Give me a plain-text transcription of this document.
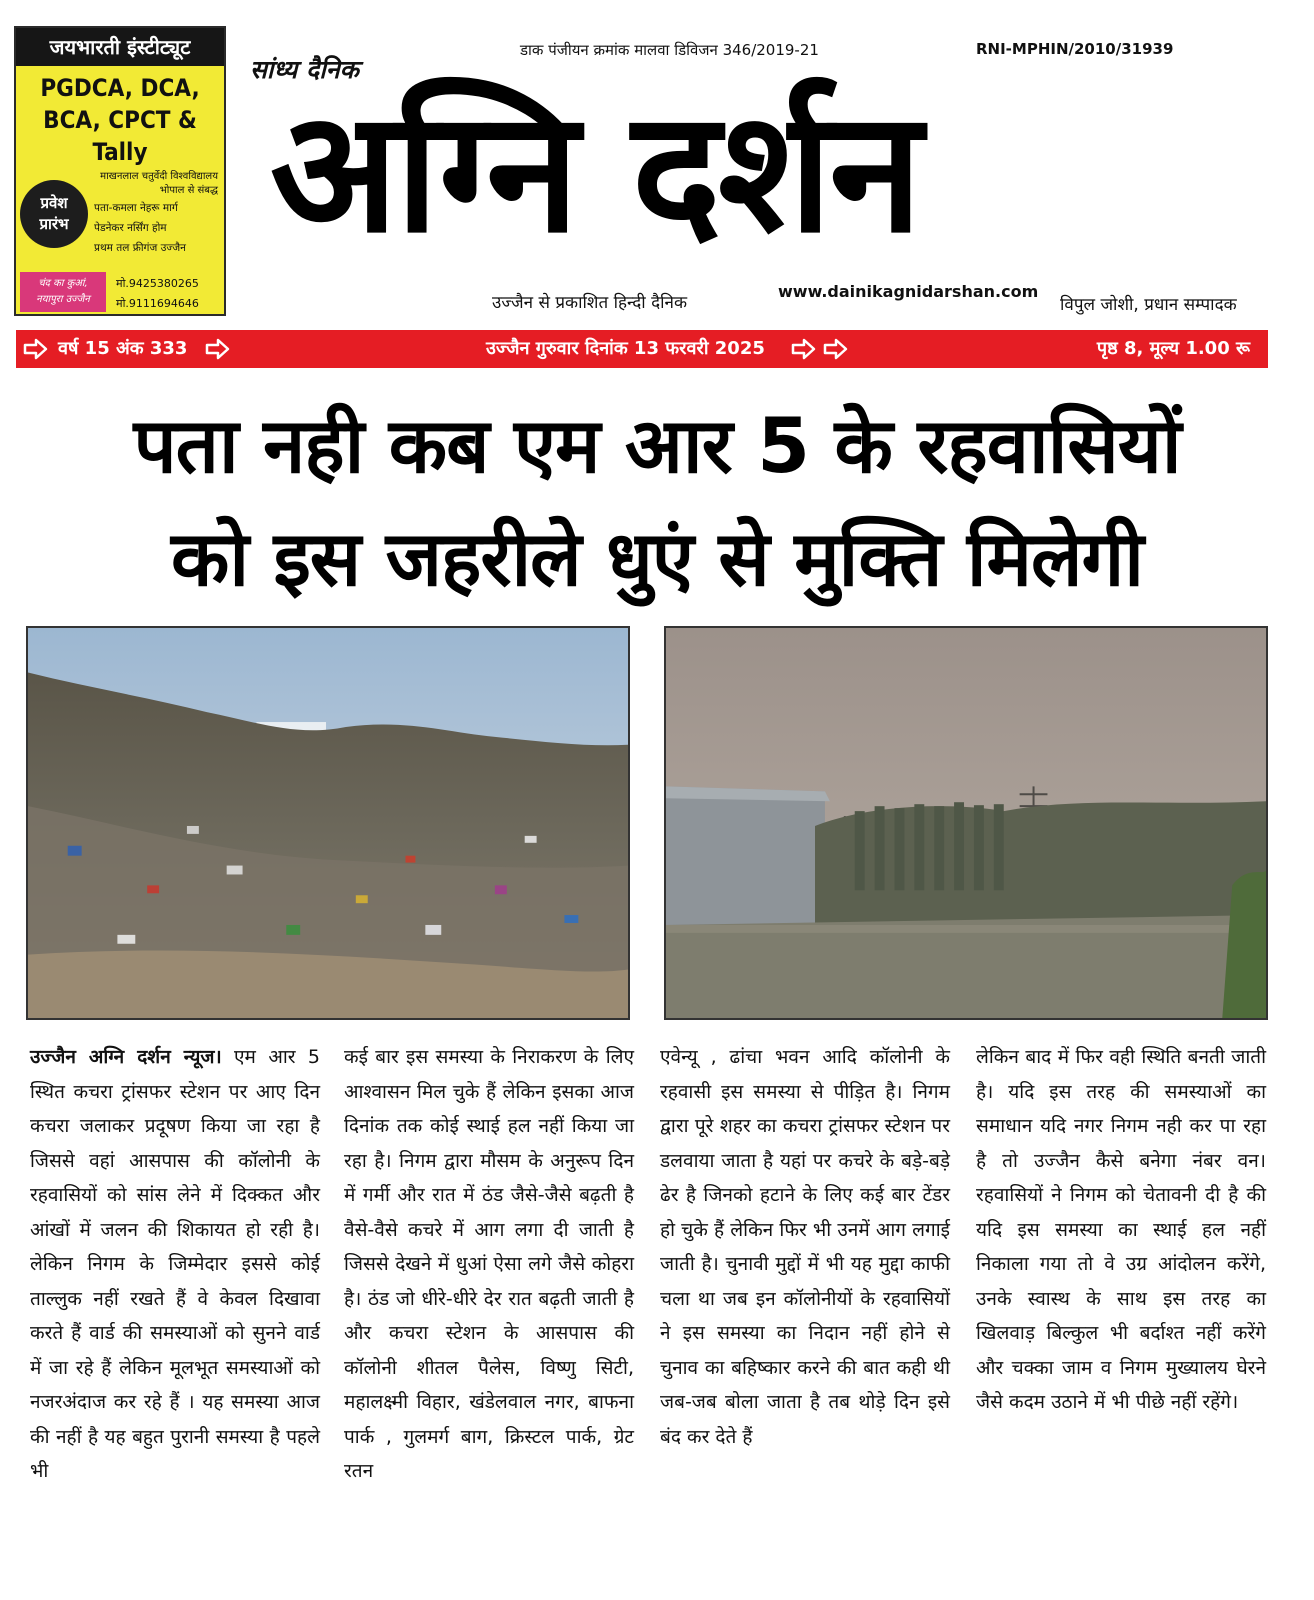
जयभारती इंस्टीट्यूट
PGDCA, DCA,
BCA, CPCT & Tally
माखनलाल चतुर्वेदी विश्वविद्यालय
भोपाल से संबद्ध
प्रवेश
प्रारंभ
पता-कमला नेहरू मार्ग
पेडनेकर नर्सिंग होम
प्रथम तल फ्रीगंज उज्जैन
चंद का कुआं,
नयापुरा उज्जैन
मो.9425380265
मो.9111694646
सांध्य दैनिक
डाक पंजीयन क्रमांक मालवा डिविजन 346/2019-21	RNI-MPHIN/2010/31939
अग्नि दर्शन
उज्जैन से प्रकाशित हिन्दी दैनिक
www.dainikagnidarshan.com
विपुल जोशी, प्रधान सम्पादक
वर्ष 15 अंक 333	उज्जैन गुरुवार दिनांक 13 फरवरी 2025	पृष्ठ 8, मूल्य 1.00 रू
पता नही कब एम आर 5 के रहवासियों
को इस जहरीले धुएं से मुक्ति मिलेगी
उज्जैन अग्नि दर्शन न्यूज। एम आर 5 स्थित कचरा ट्रांसफर स्टेशन पर आए दिन कचरा जलाकर प्रदूषण किया जा रहा है जिससे वहां आसपास की कॉलोनी के रहवासियों को सांस लेने में दिक्कत और आंखों में जलन की शिकायत हो रही है। लेकिन निगम के जिम्मेदार इससे कोई ताल्लुक नहीं रखते हैं वे केवल दिखावा करते हैं वार्ड की समस्याओं को सुनने वार्ड में जा रहे हैं लेकिन मूलभूत समस्याओं को नजरअंदाज कर रहे हैं । यह समस्या आज की नहीं है यह बहुत पुरानी समस्या है पहले भी
कई बार इस समस्या के निराकरण के लिए आश्वासन मिल चुके हैं लेकिन इसका आज दिनांक तक कोई स्थाई हल नहीं किया जा रहा है। निगम द्वारा मौसम के अनुरूप दिन में गर्मी और रात में ठंड जैसे-जैसे बढ़ती है वैसे-वैसे कचरे में आग लगा दी जाती है जिससे देखने में धुआं ऐसा लगे जैसे कोहरा है। ठंड जो धीरे-धीरे देर रात बढ़ती जाती है और कचरा स्टेशन के आसपास की कॉलोनी शीतल पैलेस, विष्णु सिटी, महालक्ष्मी विहार, खंडेलवाल नगर, बाफना पार्क , गुलमर्ग बाग, क्रिस्टल पार्क, ग्रेट रतन
एवेन्यू , ढांचा भवन आदि कॉलोनी के रहवासी इस समस्या से पीड़ित है। निगम द्वारा पूरे शहर का कचरा ट्रांसफर स्टेशन पर डलवाया जाता है यहां पर कचरे के बड़े-बड़े ढेर है जिनको हटाने के लिए कई बार टेंडर हो चुके हैं लेकिन फिर भी उनमें आग लगाई जाती है। चुनावी मुद्दों में भी यह मुद्दा काफी चला था जब इन कॉलोनीयों के रहवासियों ने इस समस्या का निदान नहीं होने से चुनाव का बहिष्कार करने की बात कही थी जब-जब बोला जाता है तब थोड़े दिन इसे बंद कर देते हैं
लेकिन बाद में फिर वही स्थिति बनती जाती है। यदि इस तरह की समस्याओं का समाधान यदि नगर निगम नही कर पा रहा है तो उज्जैन कैसे बनेगा नंबर वन। रहवासियों ने निगम को चेतावनी दी है की यदि इस समस्या का स्थाई हल नहीं निकाला गया तो वे उग्र आंदोलन करेंगे, उनके स्वास्थ के साथ इस तरह का खिलवाड़ बिल्कुल भी बर्दाश्त नहीं करेंगे और चक्का जाम व निगम मुख्यालय घेरने जैसे कदम उठाने में भी पीछे नहीं रहेंगे।
